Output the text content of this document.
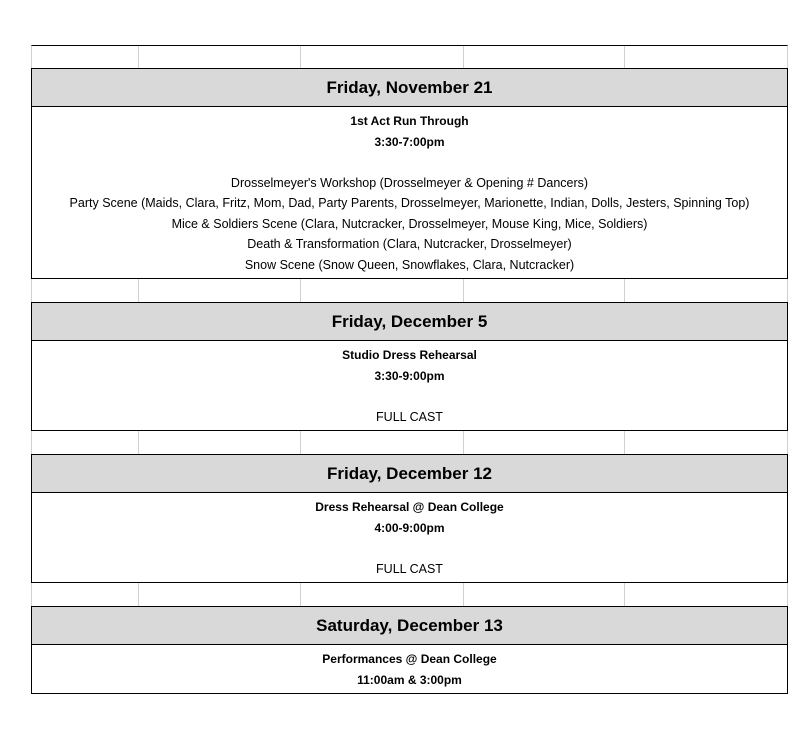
Friday, November 21
1st Act Run Through
3:30-7:00pm
Drosselmeyer's Workshop (Drosselmeyer & Opening # Dancers)
Party Scene (Maids, Clara, Fritz, Mom, Dad, Party Parents, Drosselmeyer, Marionette, Indian, Dolls, Jesters, Spinning Top)
Mice & Soldiers Scene (Clara, Nutcracker, Drosselmeyer, Mouse King, Mice, Soldiers)
Death & Transformation (Clara, Nutcracker, Drosselmeyer)
Snow Scene (Snow Queen, Snowflakes, Clara, Nutcracker)
Friday, December 5
Studio Dress Rehearsal
3:30-9:00pm
FULL CAST
Friday, December 12
Dress Rehearsal @ Dean College
4:00-9:00pm
FULL CAST
Saturday, December 13
Performances @ Dean College
11:00am & 3:00pm
